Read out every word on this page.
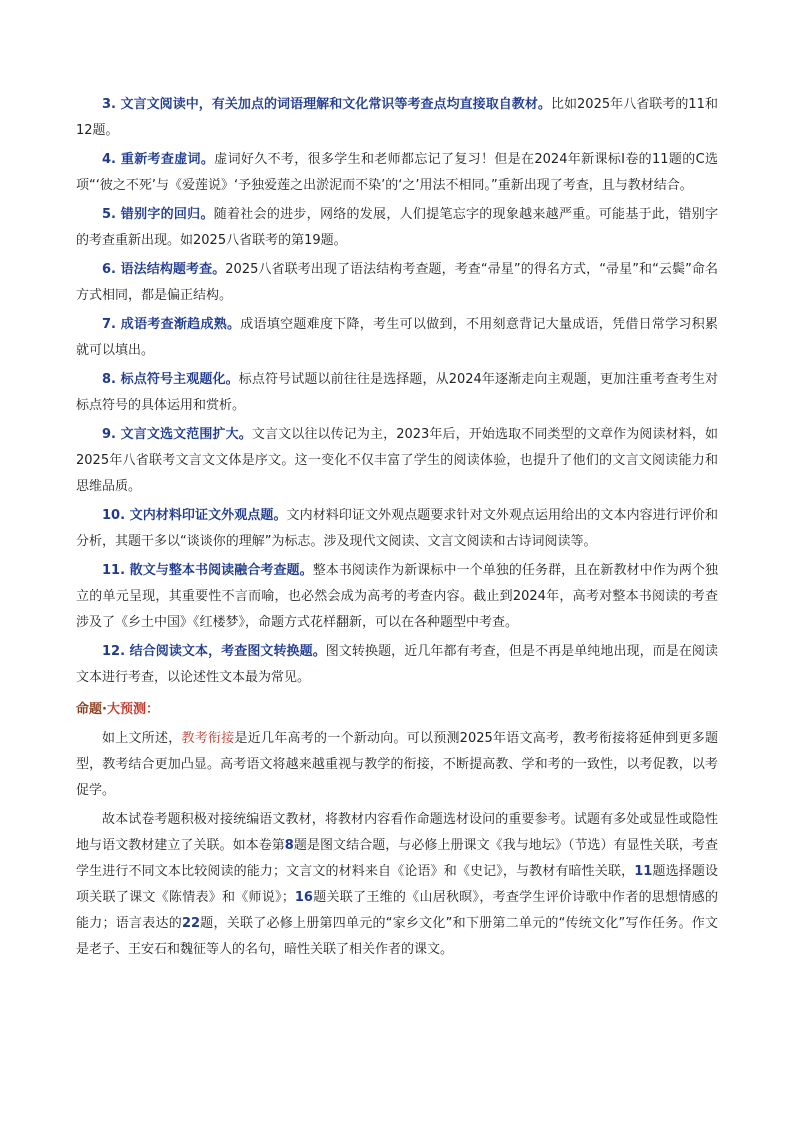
3. 文言文阅读中，有关加点的词语理解和文化常识等考查点均直接取自教材。比如2025年八省联考的11和12题。

4. 重新考查虚词。虚词好久不考，很多学生和老师都忘记了复习！但是在2024年新课标Ⅰ卷的11题的C选项“‘彼之不死’与《爱莲说》‘予独爱莲之出淤泥而不染’的‘之’用法不相同。”重新出现了考查，且与教材结合。

5. 错别字的回归。随着社会的进步，网络的发展，人们提笔忘字的现象越来越严重。可能基于此，错别字的考查重新出现。如2025八省联考的第19题。

6. 语法结构题考查。2025八省联考出现了语法结构考查题，考查“帚星”的得名方式，“帚星”和“云鬓”命名方式相同，都是偏正结构。

7. 成语考查渐趋成熟。成语填空题难度下降，考生可以做到，不用刻意背记大量成语，凭借日常学习积累就可以填出。

8. 标点符号主观题化。标点符号试题以前往往是选择题，从2024年逐渐走向主观题，更加注重考查考生对标点符号的具体运用和赏析。

9. 文言文选文范围扩大。文言文以往以传记为主，2023年后，开始选取不同类型的文章作为阅读材料，如2025年八省联考文言文文体是序文。这一变化不仅丰富了学生的阅读体验，也提升了他们的文言文阅读能力和思维品质。

10. 文内材料印证文外观点题。文内材料印证文外观点题要求针对文外观点运用给出的文本内容进行评价和分析，其题干多以“谈谈你的理解”为标志。涉及现代文阅读、文言文阅读和古诗词阅读等。

11. 散文与整本书阅读融合考查题。整本书阅读作为新课标中一个单独的任务群，且在新教材中作为两个独立的单元呈现，其重要性不言而喻，也必然会成为高考的考查内容。截止到2024年，高考对整本书阅读的考查涉及了《乡土中国》《红楼梦》，命题方式花样翻新，可以在各种题型中考查。

12. 结合阅读文本，考查图文转换题。图文转换题，近几年都有考查，但是不再是单纯地出现，而是在阅读文本进行考查，以论述性文本最为常见。

命题·大预测：

如上文所述，教考衔接是近几年高考的一个新动向。可以预测2025年语文高考，教考衔接将延伸到更多题型，教考结合更加凸显。高考语文将越来越重视与教学的衔接，不断提高教、学和考的一致性，以考促教，以考促学。

故本试卷考题积极对接统编语文教材，将教材内容看作命题选材设问的重要参考。试题有多处或显性或隐性地与语文教材建立了关联。如本卷第8题是图文结合题，与必修上册课文《我与地坛》（节选）有显性关联，考查学生进行不同文本比较阅读的能力；文言文的材料来自《论语》和《史记》，与教材有暗性关联，11题选择题设项关联了课文《陈情表》和《师说》；16题关联了王维的《山居秋暝》，考查学生评价诗歌中作者的思想情感的能力；语言表达的22题，关联了必修上册第四单元的“家乡文化”和下册第二单元的“传统文化”写作任务。作文是老子、王安石和魏征等人的名句，暗性关联了相关作者的课文。
